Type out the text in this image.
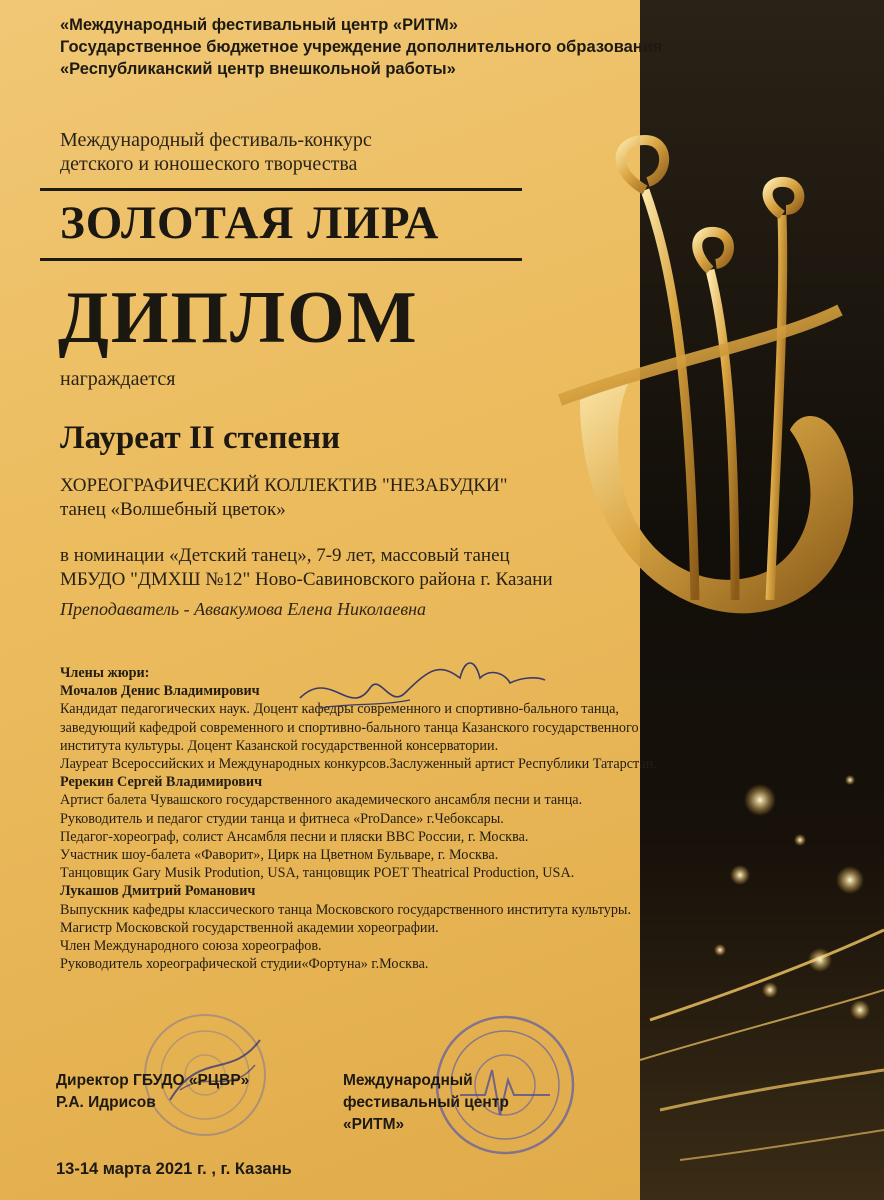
«Международный фестивальный центр «РИТМ»
Государственное бюджетное учреждение дополнительного образования
«Республиканский центр внешкольной работы»
Международный фестиваль-конкурс
детского и юношеского творчества
ЗОЛОТАЯ ЛИРА
ДИПЛОМ
награждается
Лауреат II степени
ХОРЕОГРАФИЧЕСКИЙ КОЛЛЕКТИВ "НЕЗАБУДКИ"
танец «Волшебный цветок»
в номинации «Детский танец», 7-9 лет, массовый танец
МБУДО "ДМХШ №12" Ново-Савиновского района г. Казани
Преподаватель - Аввакумова Елена Николаевна
Члены жюри:
Мочалов Денис Владимирович
Кандидат педагогических наук. Доцент кафедры современного и спортивно-бального танца,
заведующий кафедрой современного и спортивно-бального танца Казанского государственного
института культуры. Доцент Казанской государственной консерватории.
Лауреат Всероссийских и Международных конкурсов.Заслуженный артист Республики Татарстан.
Ререкин Сергей Владимирович
Артист балета Чувашского государственного академического ансамбля песни и танца.
Руководитель и педагог студии танца и фитнеса «ProDance» г.Чебоксары.
Педагог-хореограф, солист Ансамбля песни и пляски ВВС России, г. Москва.
Участник шоу-балета «Фаворит», Цирк на Цветном Бульваре, г. Москва.
Танцовщик Gary Musik Prodution, USA, танцовщик POET Theatrical Production, USA.
Лукашов Дмитрий Романович
Выпускник кафедры классического танца Московского государственного института культуры.
Магистр Московской государственной академии хореографии.
Член Международного союза хореографов.
Руководитель хореографической студии«Фортуна» г.Москва.
Директор ГБУДО «РЦВР»
Р.А. Идрисов
Международный
фестивальный центр
«РИТМ»
13-14 марта 2021 г. , г. Казань
